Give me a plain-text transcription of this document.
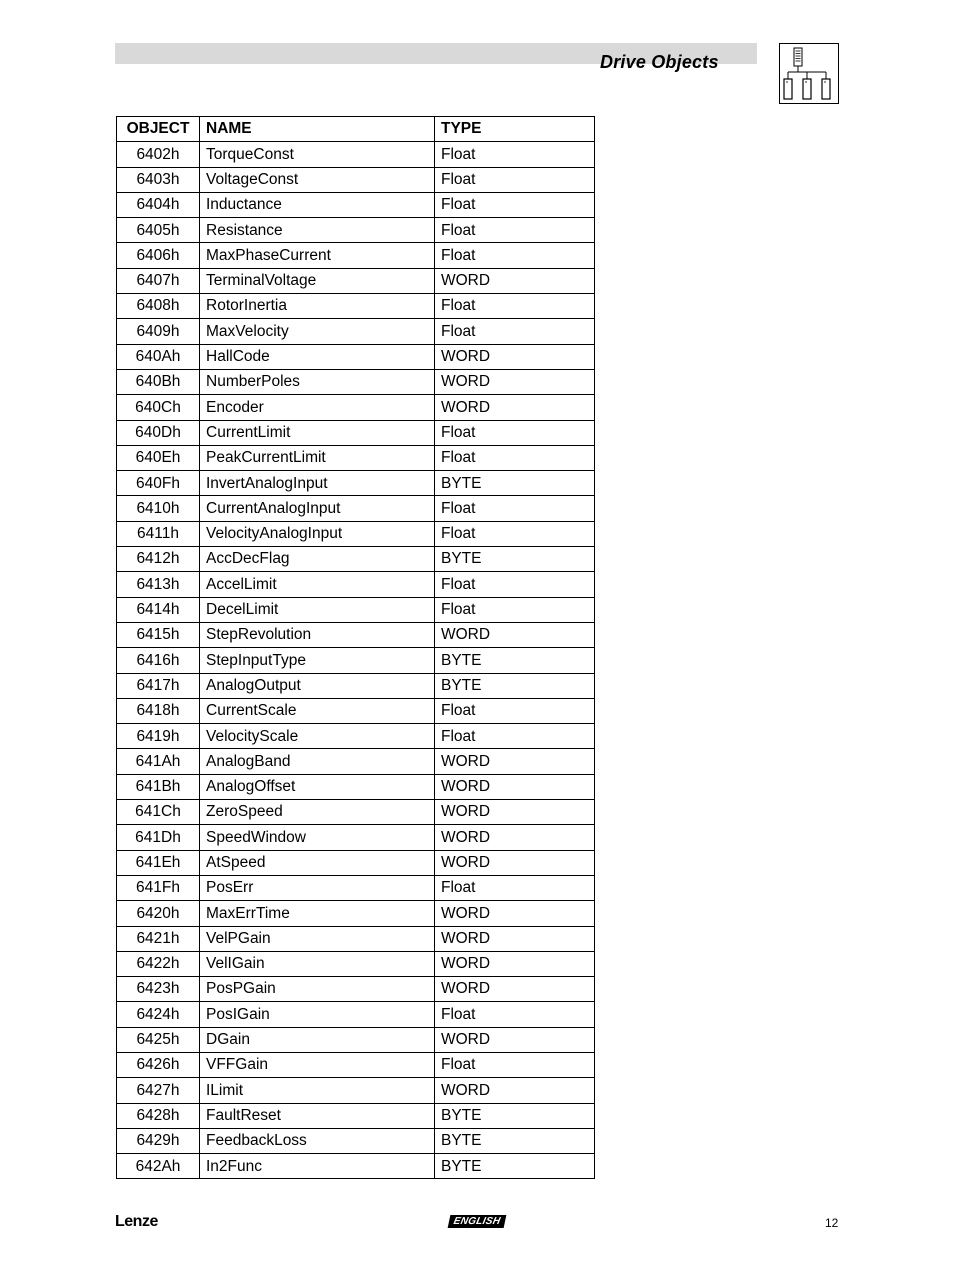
Drive Objects
OBJECT	NAME	TYPE
6402h	TorqueConst	Float
6403h	VoltageConst	Float
6404h	Inductance	Float
6405h	Resistance	Float
6406h	MaxPhaseCurrent	Float
6407h	TerminalVoltage	WORD
6408h	RotorInertia	Float
6409h	MaxVelocity	Float
640Ah	HallCode	WORD
640Bh	NumberPoles	WORD
640Ch	Encoder	WORD
640Dh	CurrentLimit	Float
640Eh	PeakCurrentLimit	Float
640Fh	InvertAnalogInput	BYTE
6410h	CurrentAnalogInput	Float
6411h	VelocityAnalogInput	Float
6412h	AccDecFlag	BYTE
6413h	AccelLimit	Float
6414h	DecelLimit	Float
6415h	StepRevolution	WORD
6416h	StepInputType	BYTE
6417h	AnalogOutput	BYTE
6418h	CurrentScale	Float
6419h	VelocityScale	Float
641Ah	AnalogBand	WORD
641Bh	AnalogOffset	WORD
641Ch	ZeroSpeed	WORD
641Dh	SpeedWindow	WORD
641Eh	AtSpeed	WORD
641Fh	PosErr	Float
6420h	MaxErrTime	WORD
6421h	VelPGain	WORD
6422h	VelIGain	WORD
6423h	PosPGain	WORD
6424h	PosIGain	Float
6425h	DGain	WORD
6426h	VFFGain	Float
6427h	ILimit	WORD
6428h	FaultReset	BYTE
6429h	FeedbackLoss	BYTE
642Ah	In2Func	BYTE
Lenze	ENGLISH	12
